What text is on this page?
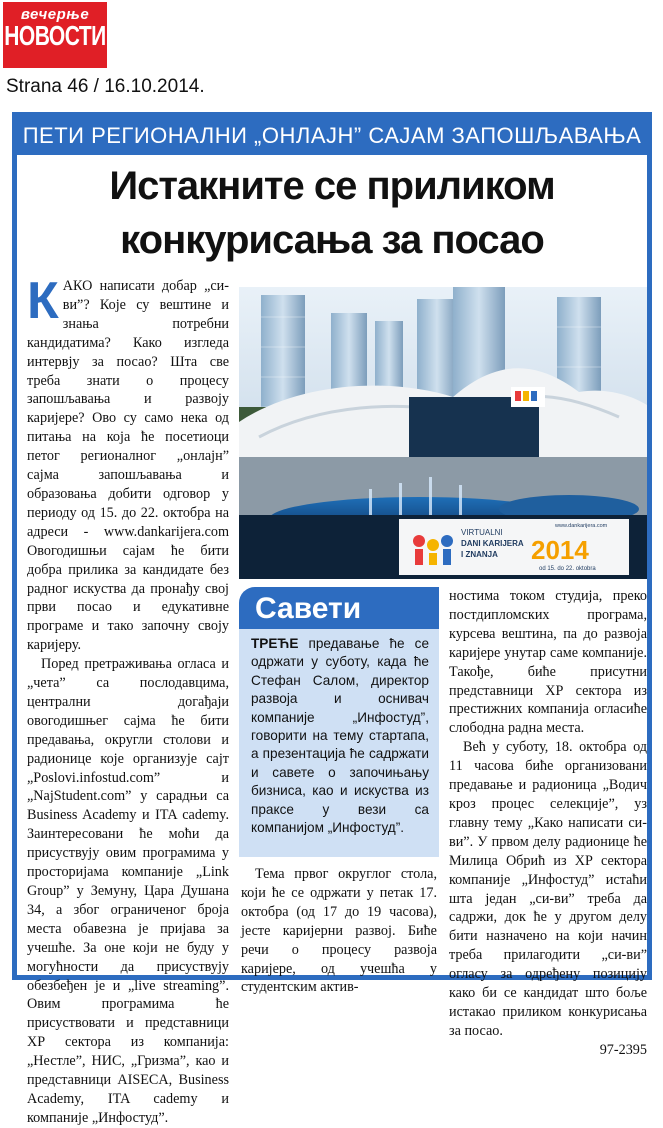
вечерње
НОВОСТИ
Strana 46 / 16.10.2014.
ПЕТИ РЕГИОНАЛНИ „ОНЛАЈН” САЈАМ ЗАПОШЉАВАЊА
Истакните се приликом
конкурисања за посао

КАКО написати добар „си-ви”? Које су вештине и знања потребни кандидатима? Како изгледа интервју за посао? Шта све треба знати о процесу запошљавања и развоју каријере? Ово су само нека од питања на која ће посетиоци петог регионалног „онлајн” сајма запошљавања и образовања добити одговор у периоду од 15. до 22. октобра на адреси - www.dankarijera.com Овогодишњи сајам ће бити добра прилика за кандидате без радног искуства да пронађу свој први посао и едукативне програме и тако започну своју каријеру.

Поред претраживања огласа и „чета” са послодавцима, централни догађаји овогодишњег сајма ће бити предавања, округли столови и радионице које организује сајт „Poslovi.infostud.com” и „NajStudent.com” у сарадњи са Business Academy и ITA cademy. Заинтересовани ће моћи да присуствују овим програмима у просторијама компаније „Link Group” у Земуну, Цара Душана 34, а због ограниченог броја места обавезна је пријава за учешће. За оне који не буду у могућности да присуствују обезбеђен је и „live streaming”. Овим програмима ће присуствовати и представници ХР сектора из компанија: „Нестле”, НИС, „Гризма”, као и представници AISECA, Business Academy, ITA cademy и компаније „Инфостуд”.

VIRTUALNI
DANI KARIJERA
I ZNANJA 2014
od 15. do 22. oktobra
www.dankarijera.com
Савети
ТРЕЋЕ предавање ће се одржати у суботу, када ће Стефан Салом, директор развоја и оснивач компаније „Инфостуд”, говорити на тему стартапа, а презентација ће садржати и савете о започињању бизниса, као и искуства из праксе у вези са компанијом „Инфостуд”.

Тема првог округлог стола, који ће се одржати у петак 17. октобра (од 17 до 19 часова), јесте каријерни развој. Биће речи о процесу развоја каријере, од учешћа у студентским актив-

ностима током студија, преко постдипломских програма, курсева вештина, па до развоја каријере унутар саме компаније. Такође, биће присутни представници ХР сектора из престижних компанија огласиће слободна радна места.

Већ у суботу, 18. октобра од 11 часова биће организовани предавање и радионица „Водич кроз процес селекције”, уз главну тему „Како написати си-ви”. У првом делу радионице ће Милица Обрић из ХР сектора компаније „Инфостуд” истаћи шта један „си-ви” треба да садржи, док ће у другом делу бити назначено на који начин треба прилагодити „си-ви” огласу за одређену позицију како би се кандидат што боље истакао приликом конкурисања за посао.

97-2395
